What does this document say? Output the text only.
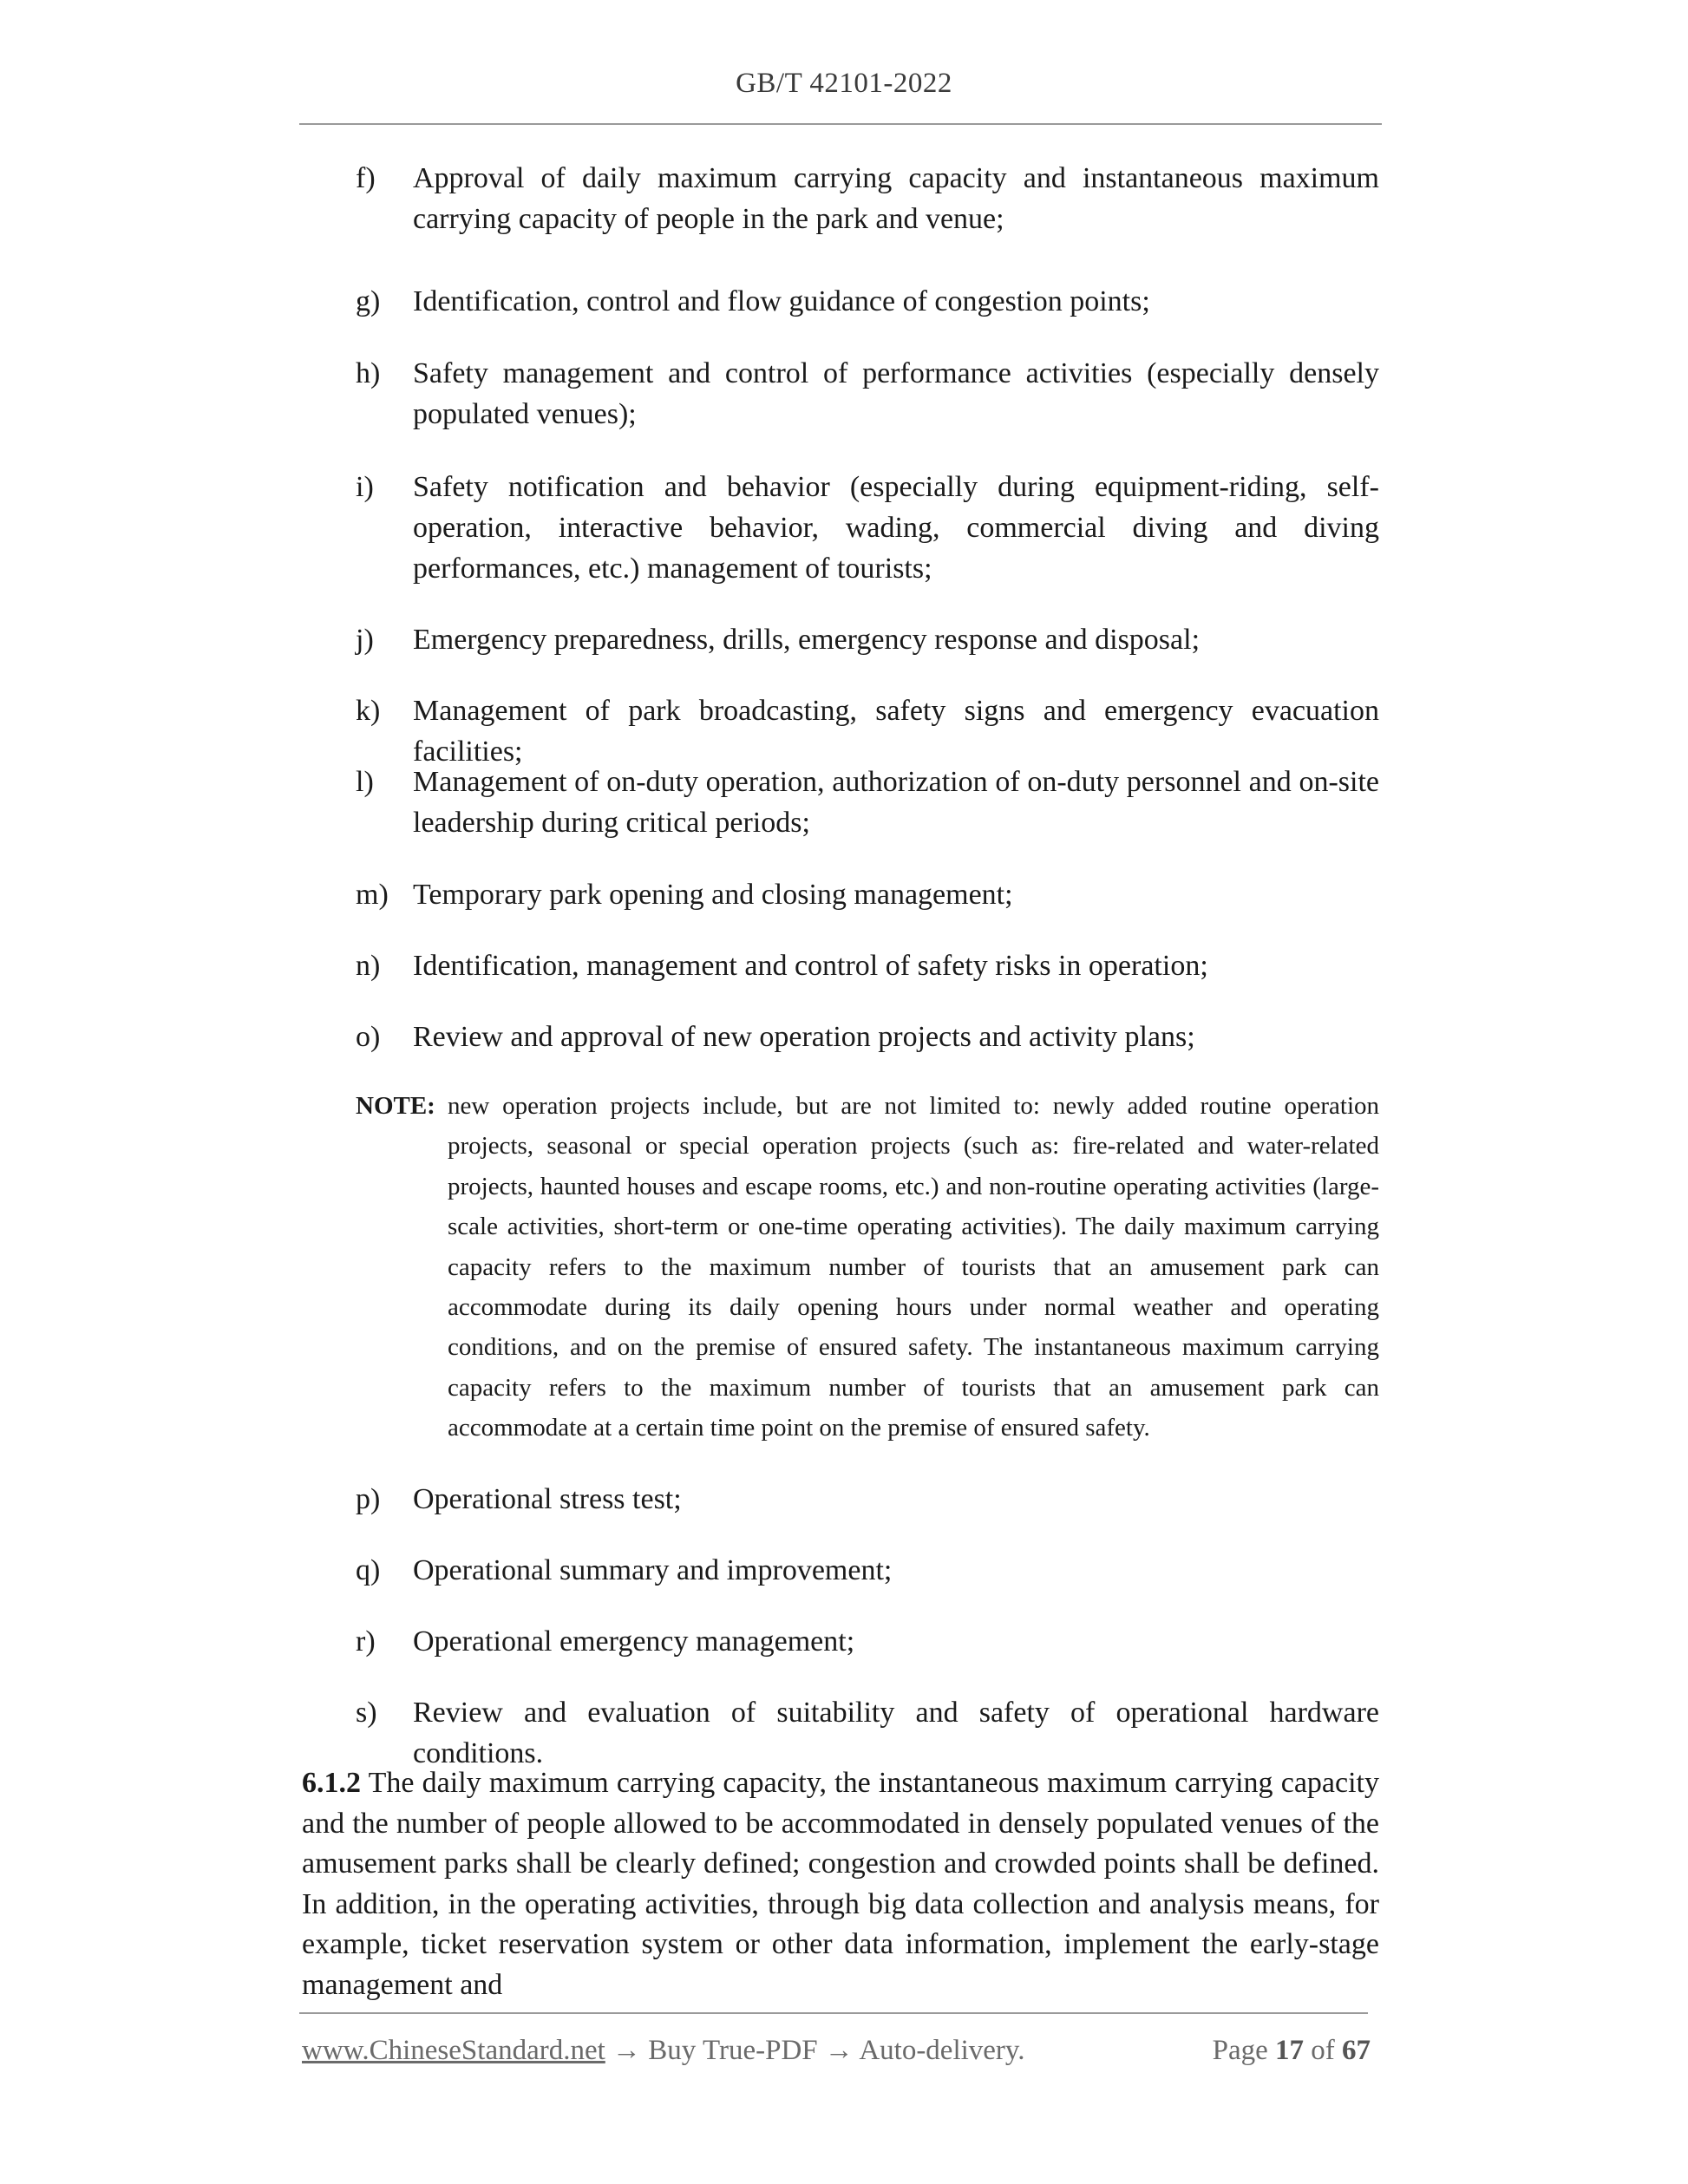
GB/T 42101-2022
f) Approval of daily maximum carrying capacity and instantaneous maximum carrying capacity of people in the park and venue;
g) Identification, control and flow guidance of congestion points;
h) Safety management and control of performance activities (especially densely populated venues);
i) Safety notification and behavior (especially during equipment-riding, self-operation, interactive behavior, wading, commercial diving and diving performances, etc.) management of tourists;
j) Emergency preparedness, drills, emergency response and disposal;
k) Management of park broadcasting, safety signs and emergency evacuation facilities;
l) Management of on-duty operation, authorization of on-duty personnel and on-site leadership during critical periods;
m) Temporary park opening and closing management;
n) Identification, management and control of safety risks in operation;
o) Review and approval of new operation projects and activity plans;
NOTE: new operation projects include, but are not limited to: newly added routine operation projects, seasonal or special operation projects (such as: fire-related and water-related projects, haunted houses and escape rooms, etc.) and non-routine operating activities (large-scale activities, short-term or one-time operating activities). The daily maximum carrying capacity refers to the maximum number of tourists that an amusement park can accommodate during its daily opening hours under normal weather and operating conditions, and on the premise of ensured safety. The instantaneous maximum carrying capacity refers to the maximum number of tourists that an amusement park can accommodate at a certain time point on the premise of ensured safety.
p) Operational stress test;
q) Operational summary and improvement;
r) Operational emergency management;
s) Review and evaluation of suitability and safety of operational hardware conditions.
6.1.2 The daily maximum carrying capacity, the instantaneous maximum carrying capacity and the number of people allowed to be accommodated in densely populated venues of the amusement parks shall be clearly defined; congestion and crowded points shall be defined. In addition, in the operating activities, through big data collection and analysis means, for example, ticket reservation system or other data information, implement the early-stage management and
www.ChineseStandard.net → Buy True-PDF → Auto-delivery.	Page 17 of 67
